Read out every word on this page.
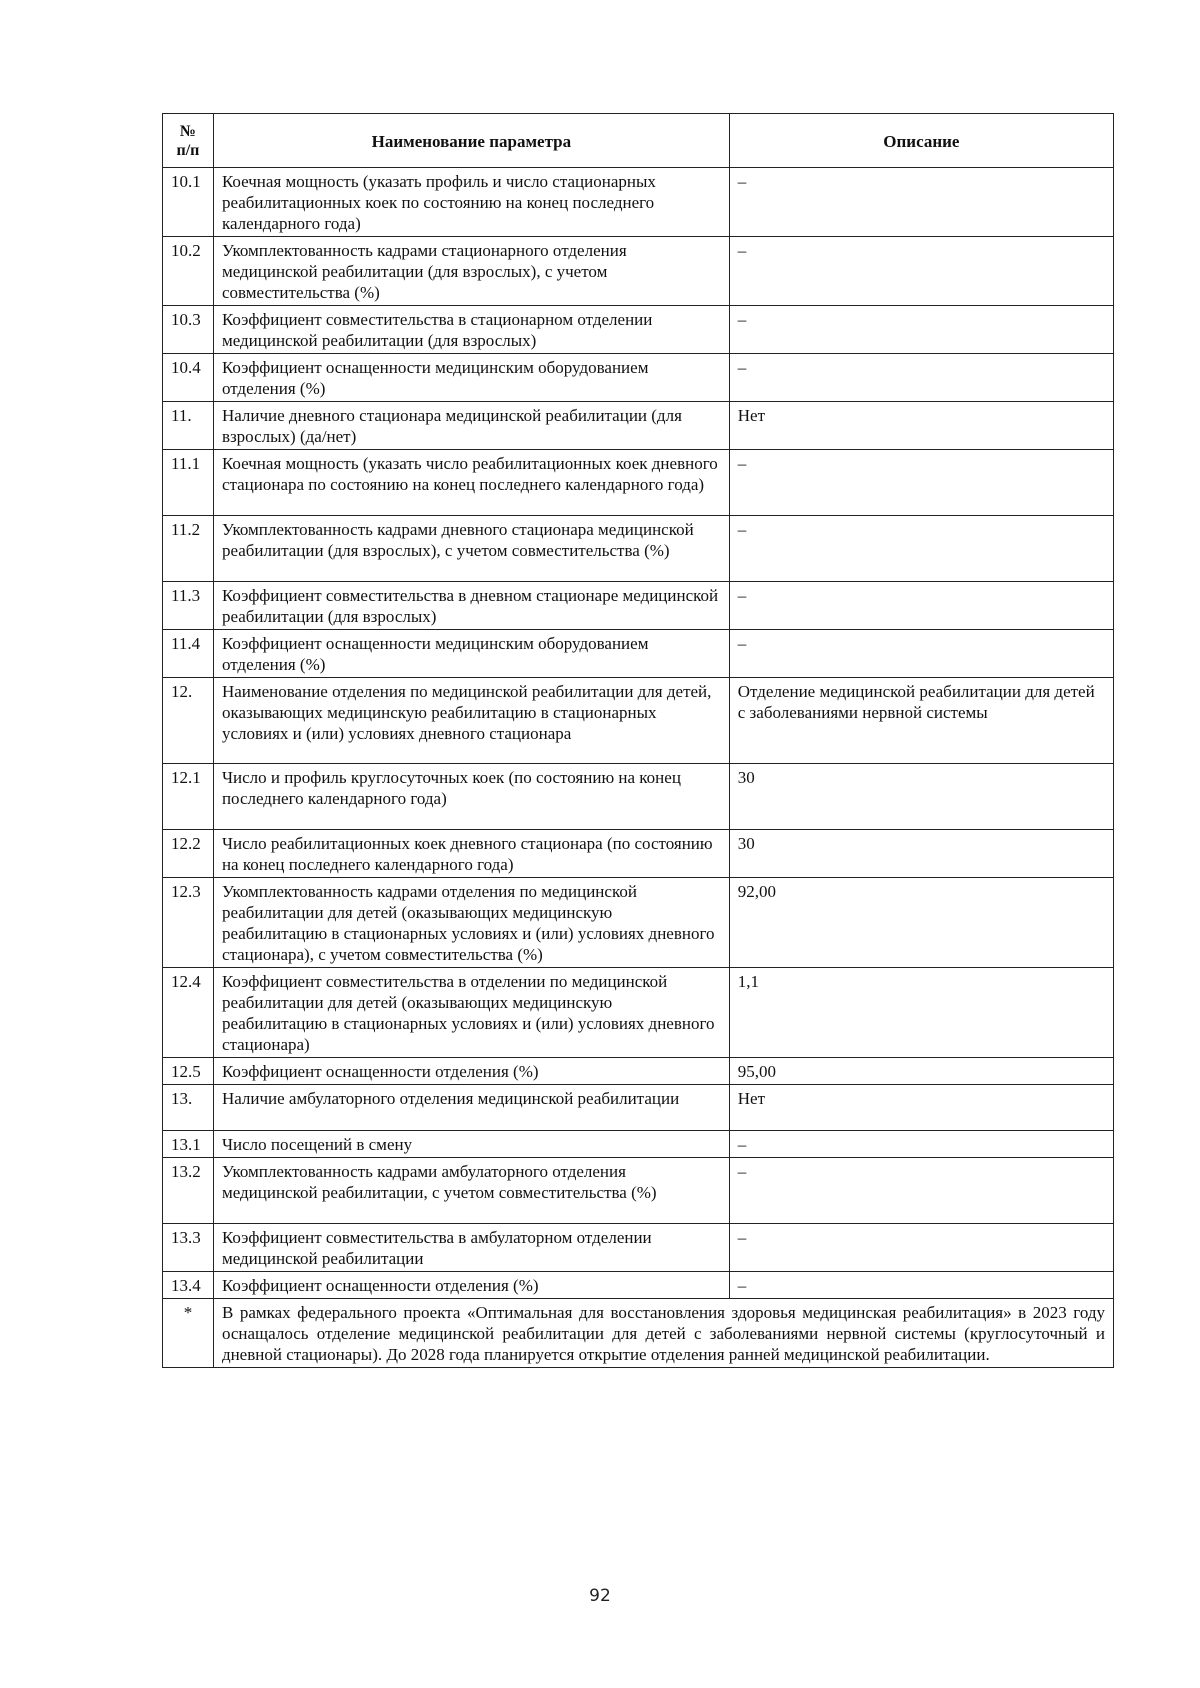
№
п/п	Наименование параметра	Описание
10.1	Коечная мощность (указать профиль и число стационарных реабилитационных коек по состоянию на конец последнего календарного года)	–
10.2	Укомплектованность кадрами стационарного отделения медицинской реабилитации (для взрослых), с учетом совместительства (%)	–
10.3	Коэффициент совместительства в стационарном отделении медицинской реабилитации (для взрослых)	–
10.4	Коэффициент оснащенности медицинским оборудованием отделения (%)	–
11.	Наличие дневного стационара медицинской реабилитации (для взрослых) (да/нет)	Нет
11.1	Коечная мощность (указать число реабилитационных коек дневного стационара по состоянию на конец последнего календарного года)	–
11.2	Укомплектованность кадрами дневного стационара медицинской реабилитации (для взрослых), с учетом совместительства (%)	–
11.3	Коэффициент совместительства в дневном стационаре медицинской реабилитации (для взрослых)	–
11.4	Коэффициент оснащенности медицинским оборудованием отделения (%)	–
12.	Наименование отделения по медицинской реабилитации для детей, оказывающих медицинскую реабилитацию в стационарных условиях и (или) условиях дневного стационара	Отделение медицинской реабилитации для детей с заболеваниями нервной системы
12.1	Число и профиль круглосуточных коек (по состоянию на конец последнего календарного года)	30
12.2	Число реабилитационных коек дневного стационара (по состоянию на конец последнего календарного года)	30
12.3	Укомплектованность кадрами отделения по медицинской реабилитации для детей (оказывающих медицинскую реабилитацию в стационарных условиях и (или) условиях дневного стационара), с учетом совместительства (%)	92,00
12.4	Коэффициент совместительства в отделении по медицинской реабилитации для детей (оказывающих медицинскую реабилитацию в стационарных условиях и (или) условиях дневного стационара)	1,1
12.5	Коэффициент оснащенности отделения (%)	95,00
13.	Наличие амбулаторного отделения медицинской реабилитации	Нет
13.1	Число посещений в смену	–
13.2	Укомплектованность кадрами амбулаторного отделения медицинской реабилитации, с учетом совместительства (%)	–
13.3	Коэффициент совместительства в амбулаторном отделении медицинской реабилитации	–
13.4	Коэффициент оснащенности отделения (%)	–
*	В рамках федерального проекта «Оптимальная для восстановления здоровья медицинская реабилитация» в 2023 году оснащалось отделение медицинской реабилитации для детей с заболеваниями нервной системы (круглосуточный и дневной стационары). До 2028 года планируется открытие отделения ранней медицинской реабилитации.	
92
